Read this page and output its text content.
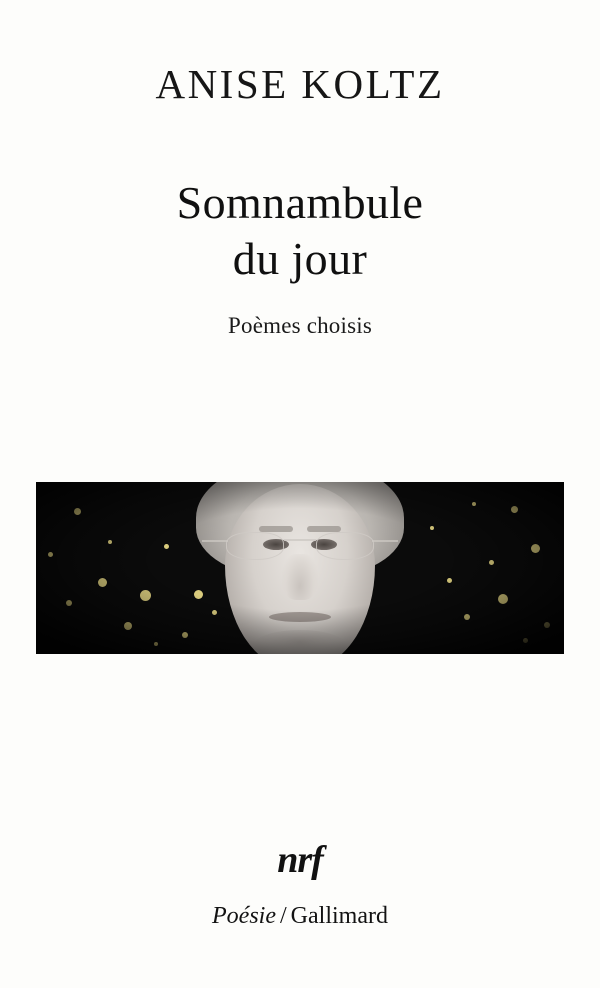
ANISE KOLTZ
Somnambule
du jour
Poèmes choisis
nrf
Poésie / Gallimard
